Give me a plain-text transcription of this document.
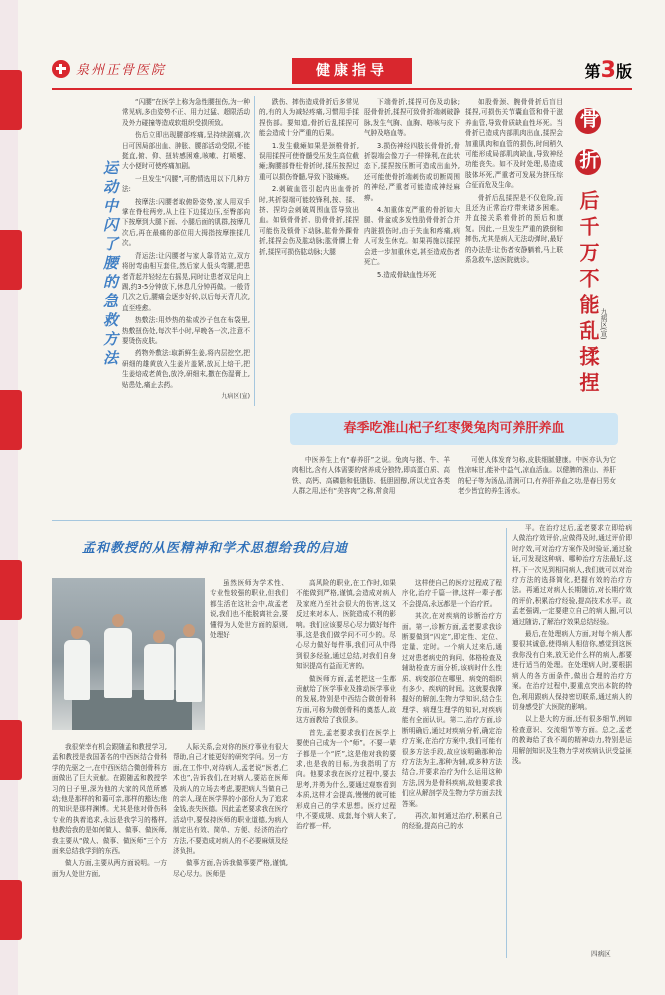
泉州正骨医院	健康指导	第3版
运动中闪了腰的急救方法

“闪腰”在医学上称为急性腰扭伤,为一种常见病,多由姿势不正、用力过猛、超限活动及外力碰撞等造成软组织受损所致。

伤后立即出现腰部疼痛,呈持续剧痛,次日可因局部出血、肿胀、腰部活动受限,不能挺直,俯、仰、扭转感困难,咳嗽、打喷嚏、大小便时可使疼痛加剧。

一旦发生“闪腰”,可酌情选用以下几种方法:

按摩法:闪腰者取俯卧姿势,家人用双手掌在脊柱两旁,从上往下边揉边压,至臀部向下按摩到大腿下面、小腿后面的肌群,按摩几次后,再在最痛的部位用大拇指按摩推揉几次。

背运法:让闪腰者与家人靠背站立,双方将肘弯曲相互套住,然后家人低头弯腰,把患者背起并轻轻左右摇晃,同时让患者双足向上踢,约3-5分钟放下,休息几分钟再做。一般背几次之后,腰痛会逐步好转,以后每天背几次,直至痊愈。

热敷法:用炒热的盐或沙子包在布袋里,热敷扭伤处,每次半小时,早晚各一次,注意不要烫伤皮肤。

药物外敷法:取新鲜生姜,将内层挖空,把研细的雄黄放入生姜片盖紧,放瓦上焙干,把生姜焙成老黄色,放冷,研细末,撒在伤湿膏上,贴患处,痛止去药。

九病区(宣)

跌伤、摔伤造成骨折后多常见的,有的人为减轻疼痛,习惯用手揉捏伤部。要知道,骨折后乱揉捏可能会造成十分严重的后果。

1.发生截瘫如果是颈椎骨折,误用揉捏可使脊髓受压发生高位截瘫;胸腰部脊柱骨折时,揉压按捏过重可以损伤脊髓,导致下肢瘫痪。

2.刺破血管引起内出血骨折时,其折裂端可能较锋利,按、揉、挤、捏均会刺破周围血管导致出血。如锁骨骨折、肋骨骨折,揉捏可能伤及锁骨下动脉,肱骨外踝骨折,揉捏会伤及肱动脉;肱骨髁上骨折,揉捏可损伤肱动脉;大腿

下端骨折,揉捏可伤及动脉;胫骨骨折,揉捏可致骨折端刺破静脉,发生气胸、血胸、咯咳与皮下气肿及咯血等。

3.损伤神经四肢长骨骨折,骨折裂端会像刀子一样锋利,在此状态下,揉捏按压断可造成出血外,还可能使骨折端刺伤或切断周围的神经,严重者可能造成神经麻痹。

4.加重体克严重的骨折如大腿、骨盆或多发性肋骨骨折合并内脏损伤时,由于失血和疼痛,病人可发生休克。如果再施以揉捏会进一步加重休克,甚至造成伤者死亡。

5.造成骨缺血性坏死

如股骨颈、腕骨骨折后盲目揉捏,可损伤关节囊血管和骨干滋养血管,导致骨质缺血性坏死。当骨折已造成内部肌肉出血,揉捏会加重肌肉和血管的损伤,时间稍久可能形成局部肌肉缺血,导致神经功能丧失。如不及时处理,易造成肢体坏死,严重者可发展为挤压综合征而危及生命。

骨折后乱揉捏是不仅危险,而且还为正常治疗带来诸多困难。并直接关系着骨折的预后和康复。因此,一旦发生严重的跌倒和摔伤,尤其是病人无法动弹时,最好的办法是:让伤者安静躺着,马上联系急救车,送医院就诊。

骨 折 后千万不能乱揉捏 九病区(宣)
春季吃淮山杞子红枣煲兔肉可养肝养血

中医养生上有“春养肝”之说。兔肉与猪、牛、羊肉相比,含有人体需要的营养成分独特,即高蛋白质、高铁、高钙、高磷脂和低脂肪、低胆固醇,所以尤宜各类人群之用,还有“美容肉”之称,常食用

可使人体发育匀称,皮肤细腻健康。中医亦认为它性凉味甘,能补中益气,凉血活血。以健脾的淮山、养肝的杞子等为汤品,清润可口,有养肝养血之功,是春日男女老少皆宜的养生汤水。

孟和教授的从医精神和学术思想给我的启迪

平。在治疗过后,孟老要求立即给病人做治疗效评价,应做得及时,通过评价即时疗效,可对治疗方案作及时验证,通过验证,可发现这种病、哪种治疗方法最好,这样,下一次见到相同病人,我们就可以对治疗方法的选择简化,把握有效的治疗方法。再通过对病人长期随访,对长期疗效的评价,积累治疗经验,提高技术水平。故孟老强调,一定要建立自己的病人圈,可以通过随访,了解治疗效果总结经验。

最后,在处理病人方面,对每个病人都要很其诚意,使得病人相信你,感觉到这医我你没有白来,放无论什么样的病人,都要进行适当的处理。在处理病人时,要根据病人的各方面条件,做出合理的治疗方案。在治疗过程中,要重点突出本院的特色,利用跟病人保持密切联系,通过病人的切身感受扩大医院的影响。

以上是大的方面,还有很多细节,例如检查意识、交流细节等方面。总之,孟老的教诲给了我不竭的精神动力,特别是运用解剖知识及生物力学对疾病认识受益匪浅。

虽然医师为学术性、专业性较强的职业,但我们都生活在这社会中,故孟老说,我们也不能脱离社会,要懂得为人处世方面的原则,处理好

我很荣幸有机会跟随孟和教授学习,孟和教授是我国著名的中西医结合骨科学的先驱之一,在中西医结合微创骨科方面做出了巨大贡献。在跟随孟和教授学习的日子里,深为他的大家的风范所感动;他是那样的和蔼可亲,那样的豁达;他的知识是那样渊博。尤其是他对骨伤科专业的执着追求,永远是我学习的楷样,他教给我的是如何做人、做事、做医师,我主要从“做人、做事、做医师”三个方面来总结我学到的东西。

做人方面,主要从两方面说明。一方面为人处世方面,

人际关系,会对你的医疗事业有很大帮助,自己才能更好的研究学问。另一方面,在工作中,对待病人,孟老说“医者,仁术也”,告诉我们,在对病人,要站在医师及病人的立场去考虑,要把病人当做自己的亲人,现在医学界的小部份人为了追求金钱,丧失医德。因此孟老要求我在医疗活动中,要保持医师的职业道德,为病人制定出有效、简单、方便、经济的治疗方法,不要造成对病人的不必要麻烦及经济负担。

做事方面,告诉我做事要严格,谨慎,尽心尽力。医师是

高风险的职业,在工作时,如果不能做到严格,谨慎,会造成对病人及家庭乃至社会很大的伤害,这又反过来对本人、医院造成不利的影响。我们应该要尽心尽力做好每件事,这是我们做学问不可少的。尽心尽力做好每件事,我们可从中得到很多经验,通过总结,对我们自身知识提高有益而无害的。

做医师方面,孟老把这一生都贡献给了医学事业及推动医学事业的发展,特别是中西结合微创骨科方面,可称为微创骨科的奠基人,故这方面教给了我很多。

首先,孟老要求我们在医学上要使自己成为一个“师”。不要一辈子都是一个“匠”,这是他对我的要求,也是我的目标,为我指明了方向。他要求我在医疗过程中,要去思考,并勇为什么,要通过观察看到本质,这样才会提高,慢慢的就可能形成自己的学术思想。医疗过程中,不要成规、成套,每个病人来了,治疗都一样,

这样使自己的医疗过程成了程序化,治疗千篇一律,这样一辈子都不会提高,永远都是一个治疗匠。

其次,在对疾病的诊断治疗方面。第一,诊断方面,孟老要求我诊断要做到“四定”,即定性、定位、定量、定时。一个病人过来后,通过对患者病史的询问、体格检查及辅助检查方面分析,该病时什么性质、病变部位在哪里、病变的组织有多少、疾病的时间。这就要我撑握好的解剖,生物力学知识,结合生理学、病理生理学的知识,对疾病能有全面认识。第二,治疗方面,诊断明确后,通过对疾病分析,确定治疗方案,在治疗方案中,我们可能有很多方法手段,故应该明确那种治疗方法为主,那种为辅,或多种方法结合,并要求治疗为什么运用这种方法,因为是骨科疾病,故他要求我们应从解剖学及生物力学方面去找答案。

再次,如何通过治疗,积累自己的经验,提高自己的水

四病区
